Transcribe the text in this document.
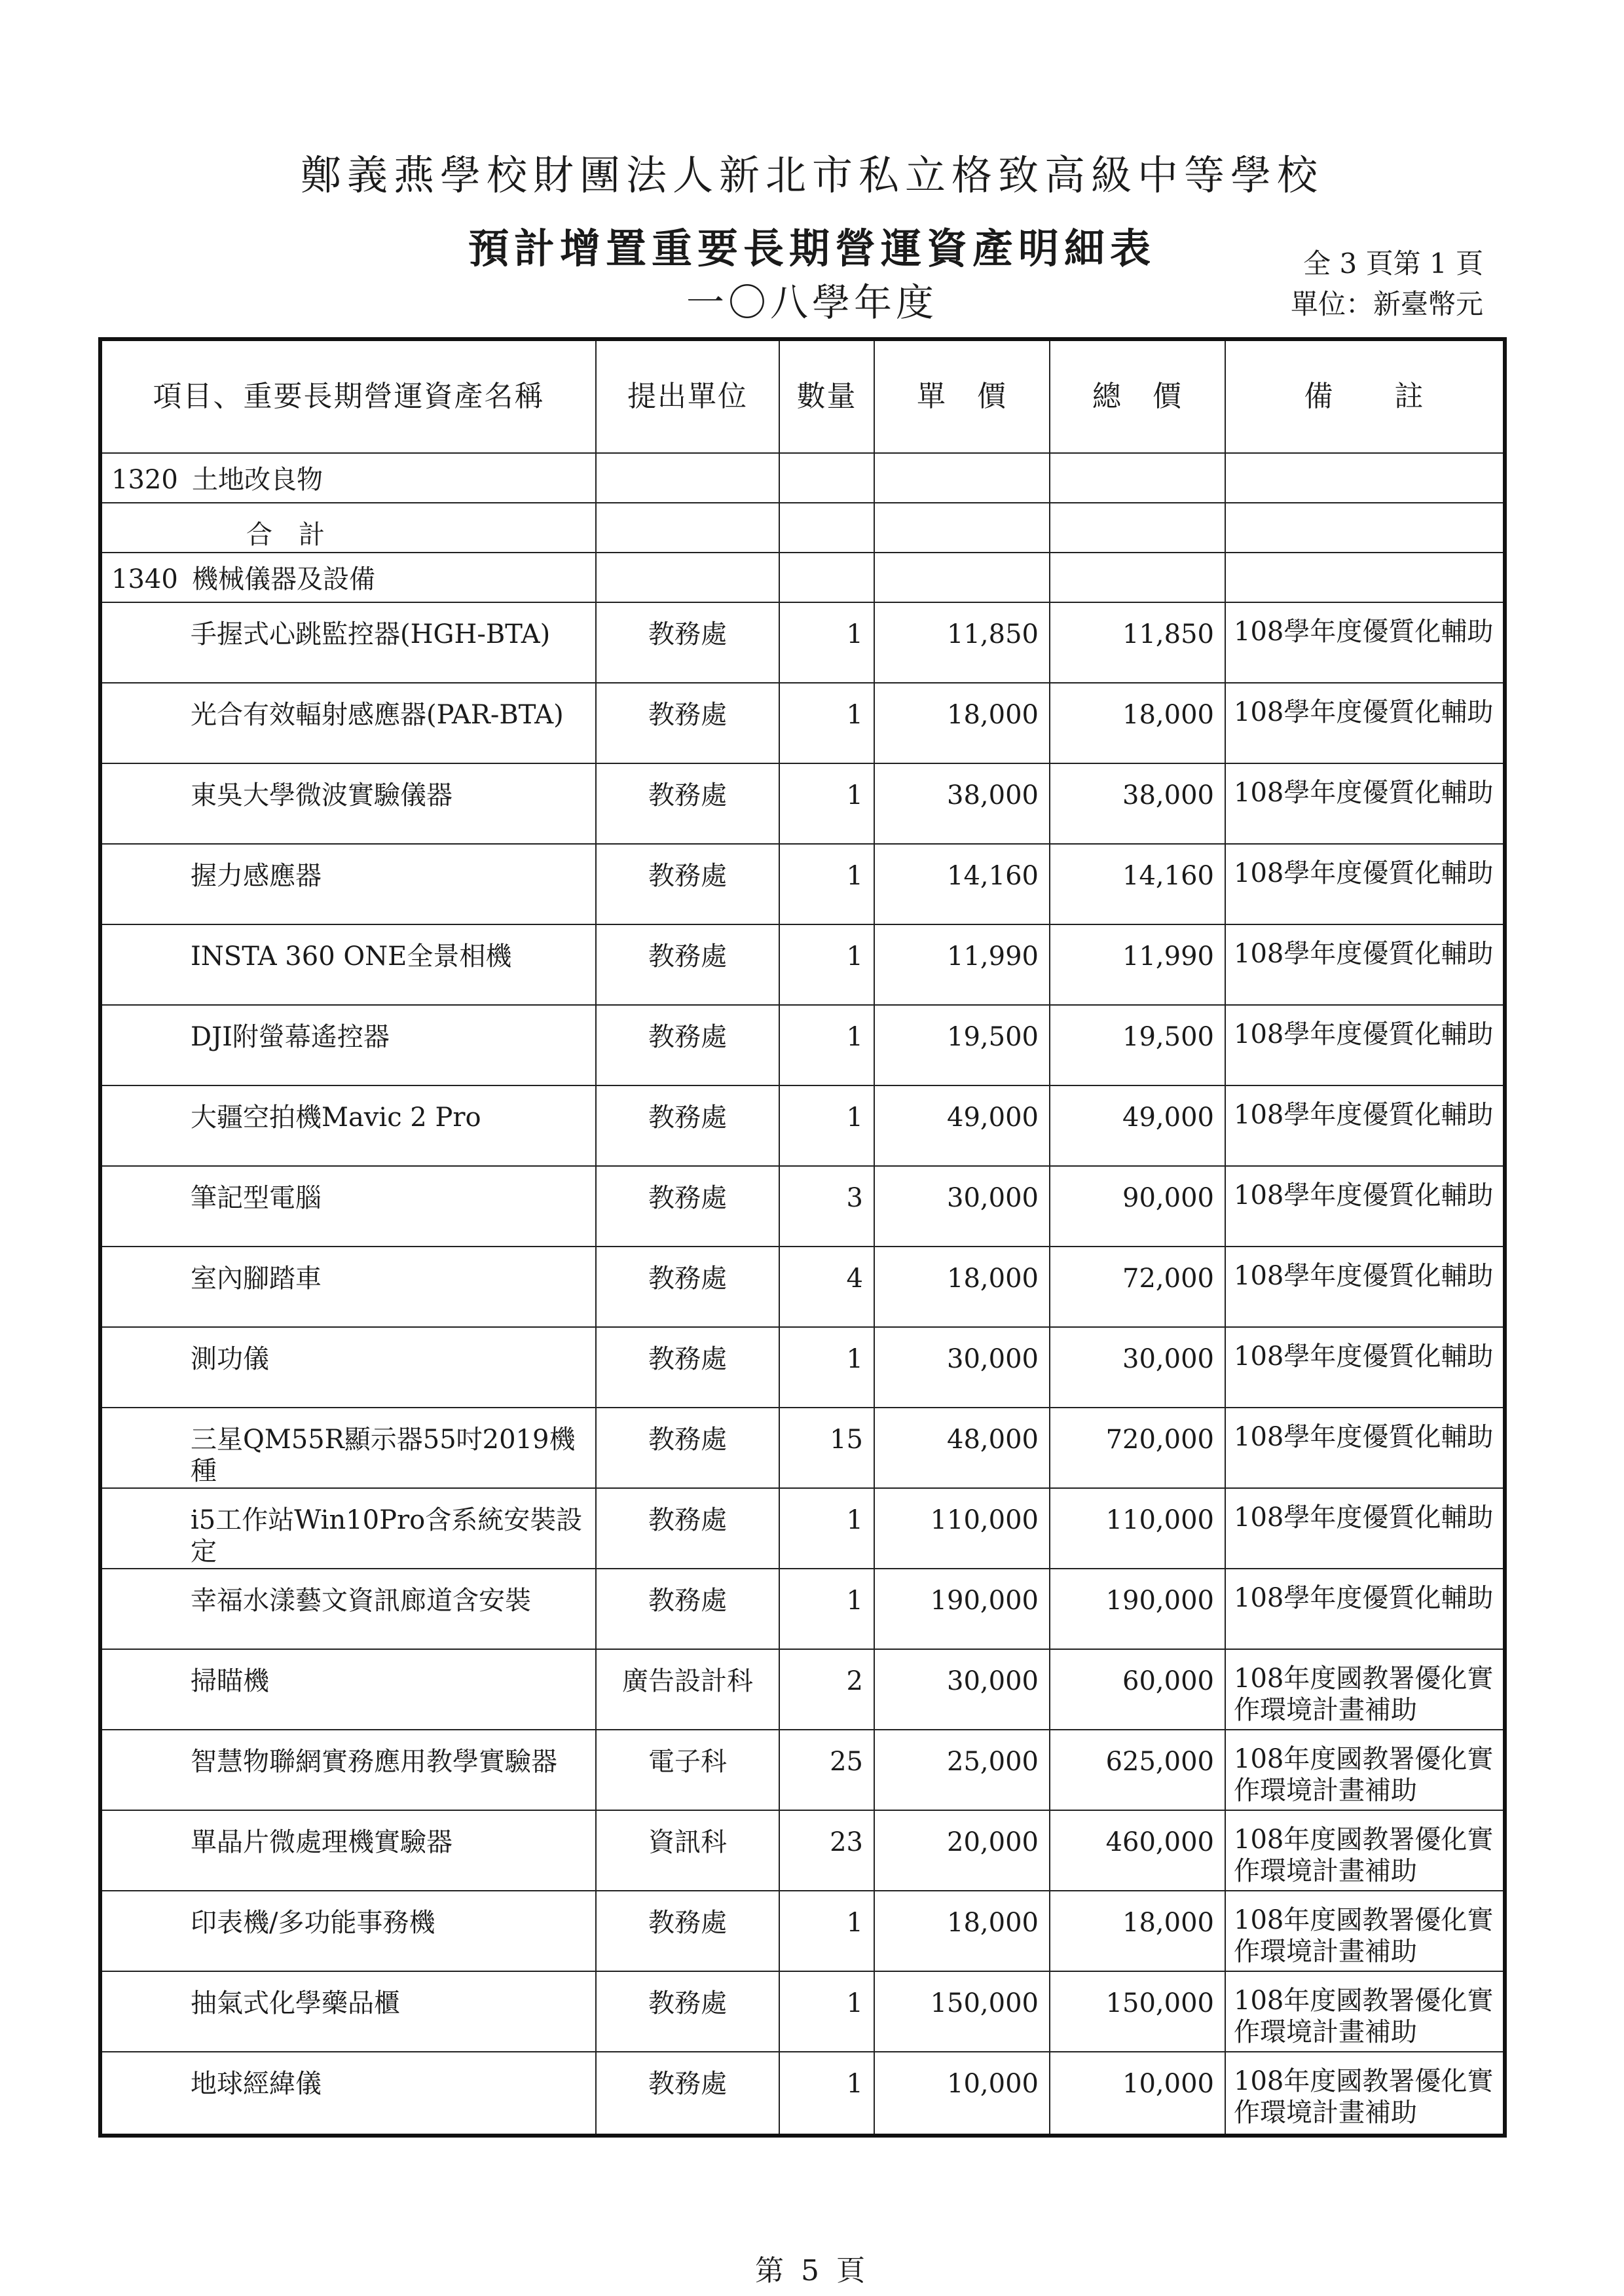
鄭義燕學校財團法人新北市私立格致高級中等學校
預計增置重要長期營運資產明細表
一〇八學年度
全 3 頁第 1 頁
單位：新臺幣元
項目、重要長期營運資產名稱	提出單位	數量	單　價	總　價	備　　註

1320 土地改良物					

合計					

1340 機械儀器及設備					

手握式心跳監控器(HGH-BTA)	教務處	1	11,850	11,850	108學年度優質化輔助

光合有效輻射感應器(PAR-BTA)	教務處	1	18,000	18,000	108學年度優質化輔助

東吳大學微波實驗儀器	教務處	1	38,000	38,000	108學年度優質化輔助

握力感應器	教務處	1	14,160	14,160	108學年度優質化輔助

INSTA 360 ONE全景相機	教務處	1	11,990	11,990	108學年度優質化輔助

DJI附螢幕遙控器	教務處	1	19,500	19,500	108學年度優質化輔助

大疆空拍機Mavic 2 Pro	教務處	1	49,000	49,000	108學年度優質化輔助

筆記型電腦	教務處	3	30,000	90,000	108學年度優質化輔助

室內腳踏車	教務處	4	18,000	72,000	108學年度優質化輔助

測功儀	教務處	1	30,000	30,000	108學年度優質化輔助

三星QM55R顯示器55吋2019機種	教務處	15	48,000	720,000	108學年度優質化輔助

i5工作站Win10Pro含系統安裝設定	教務處	1	110,000	110,000	108學年度優質化輔助

幸福水漾藝文資訊廊道含安裝	教務處	1	190,000	190,000	108學年度優質化輔助

掃瞄機	廣告設計科	2	30,000	60,000	108年度國教署優化實作環境計畫補助

智慧物聯網實務應用教學實驗器	電子科	25	25,000	625,000	108年度國教署優化實作環境計畫補助

單晶片微處理機實驗器	資訊科	23	20,000	460,000	108年度國教署優化實作環境計畫補助

印表機/多功能事務機	教務處	1	18,000	18,000	108年度國教署優化實作環境計畫補助

抽氣式化學藥品櫃	教務處	1	150,000	150,000	108年度國教署優化實作環境計畫補助

地球經緯儀	教務處	1	10,000	10,000	108年度國教署優化實作環境計畫補助
第 5 頁
